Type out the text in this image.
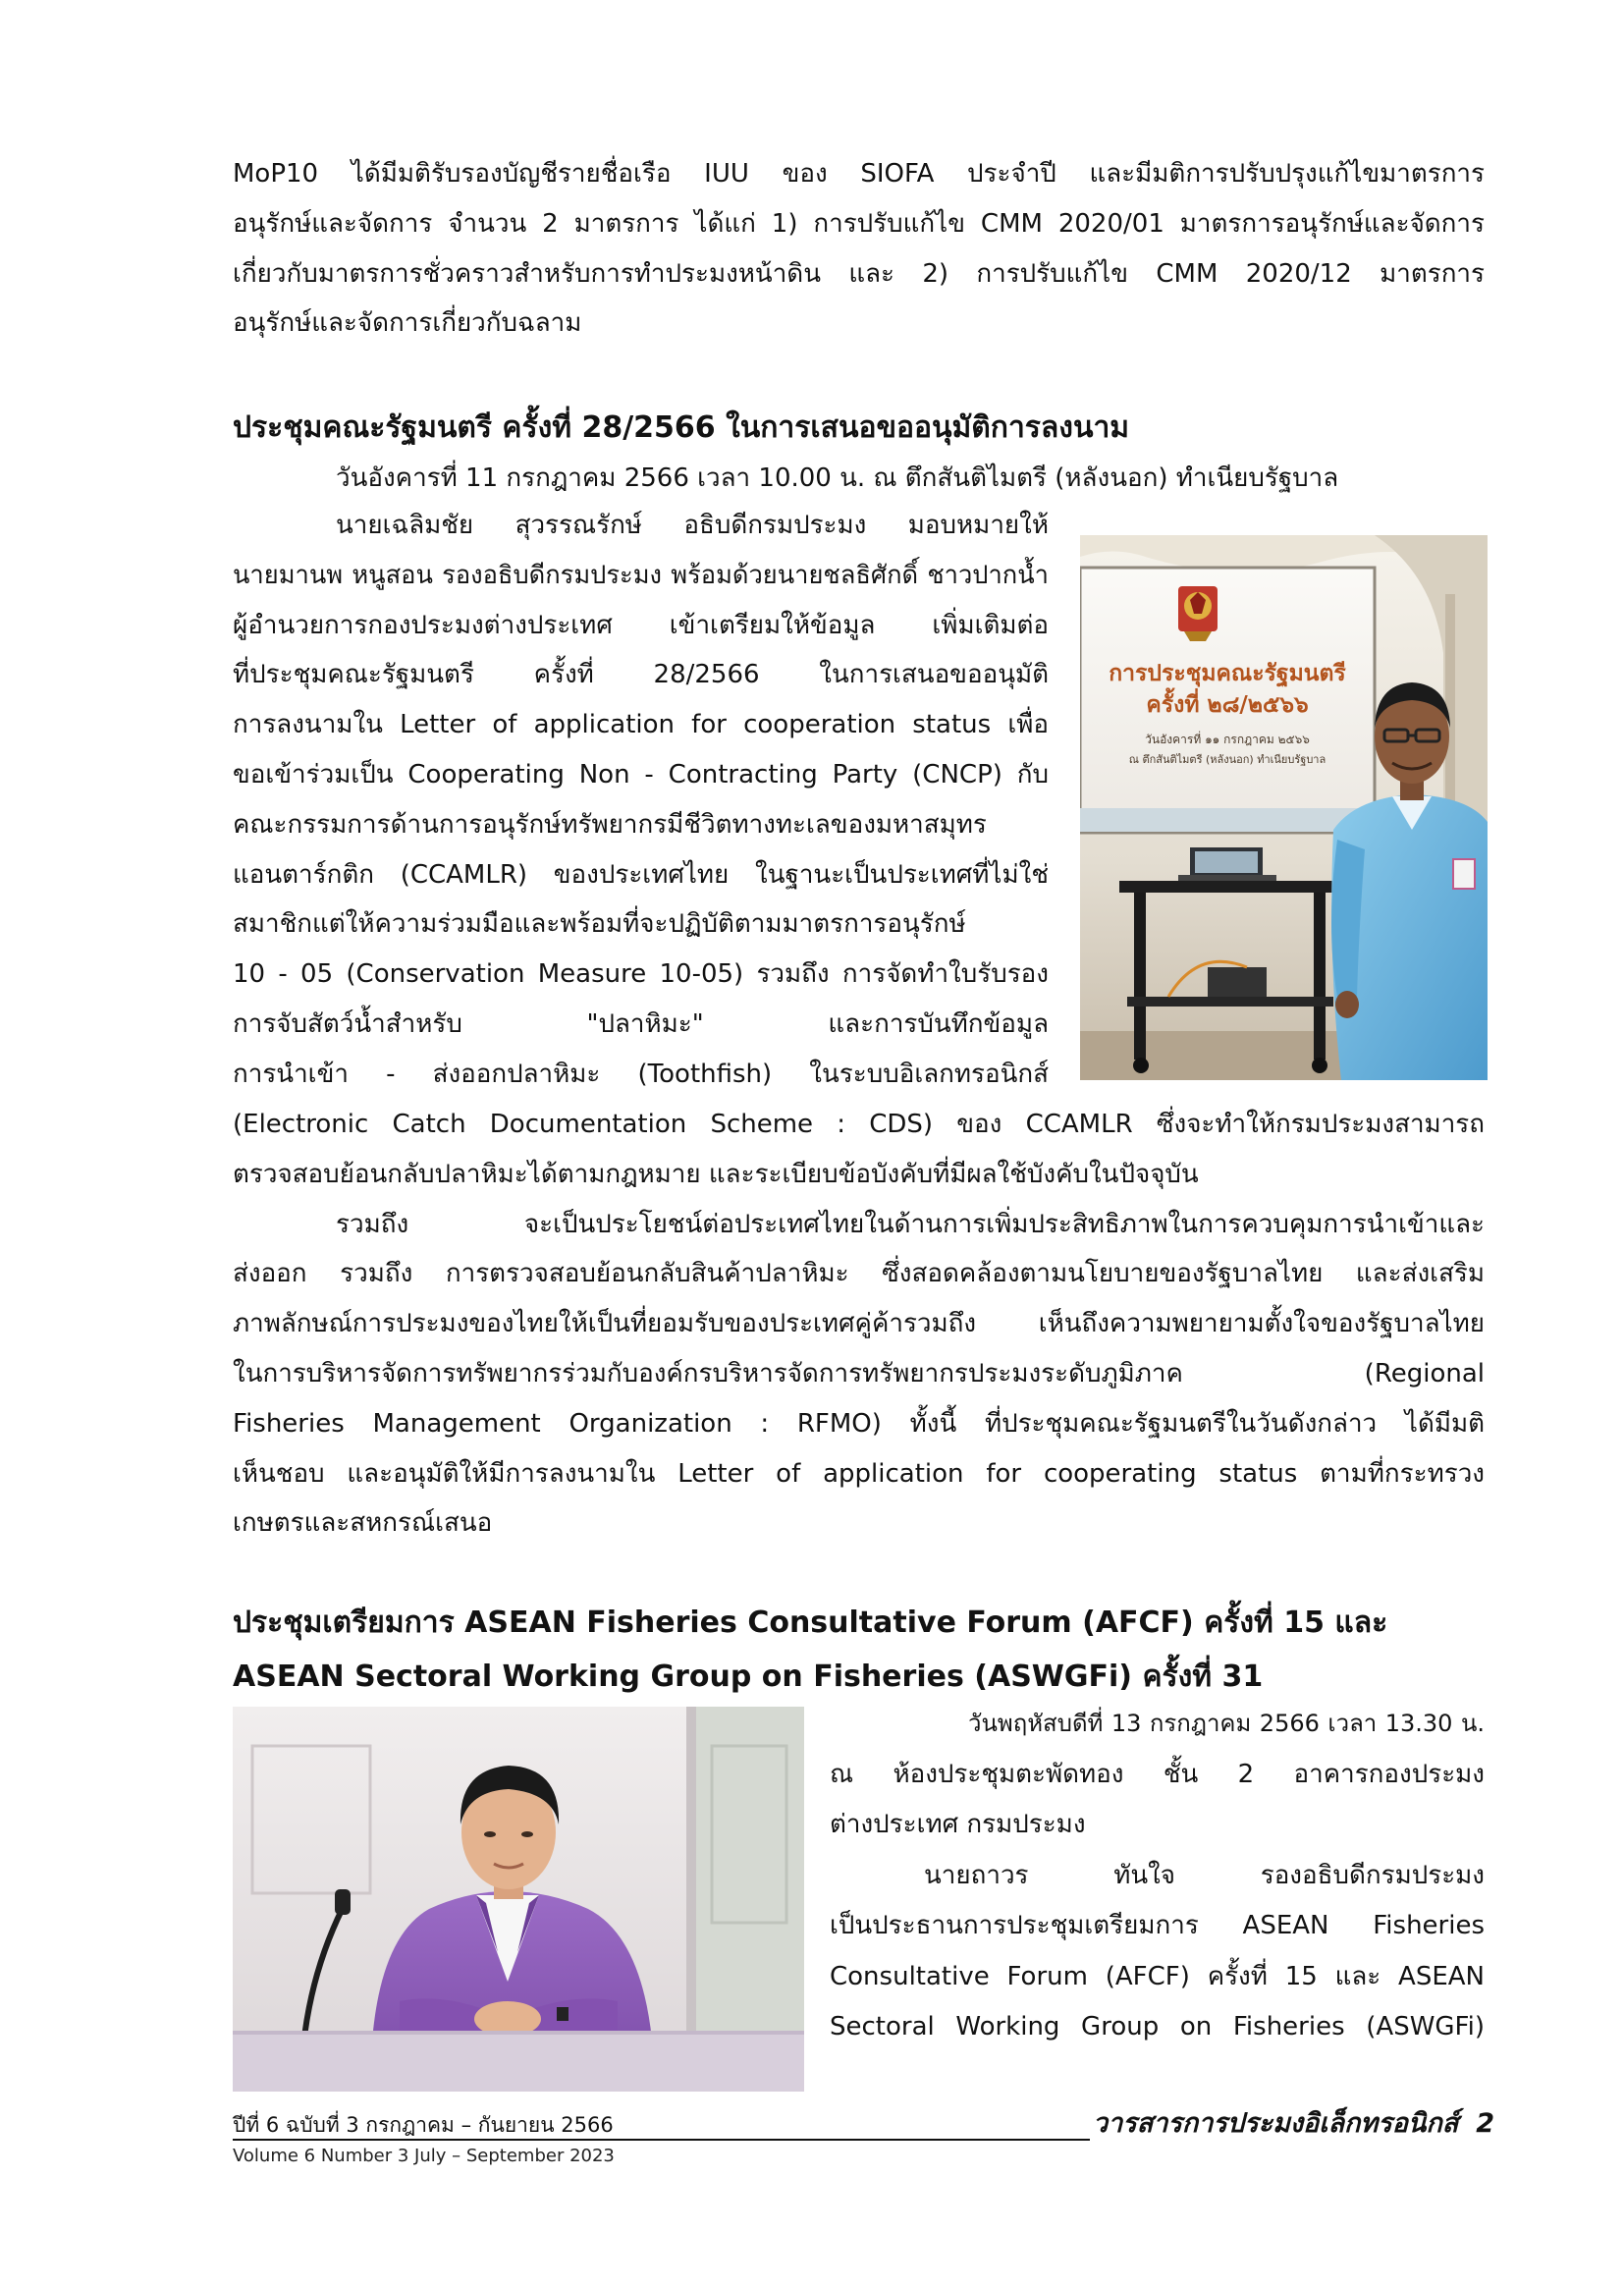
MoP10 ได้มีมติรับรองบัญชีรายชื่อเรือ IUU ของ SIOFA ประจำปี และมีมติการปรับปรุงแก้ไขมาตรการ
อนุรักษ์และจัดการ จำนวน 2 มาตรการ ได้แก่ 1) การปรับแก้ไข CMM 2020/01 มาตรการอนุรักษ์และจัดการ
เกี่ยวกับมาตรการชั่วคราวสำหรับการทำประมงหน้าดิน และ 2) การปรับแก้ไข CMM 2020/12 มาตรการ
อนุรักษ์และจัดการเกี่ยวกับฉลาม
ประชุมคณะรัฐมนตรี ครั้งที่ 28/2566 ในการเสนอขออนุมัติการลงนาม
วันอังคารที่ 11 กรกฎาคม 2566 เวลา 10.00 น. ณ ตึกสันติไมตรี (หลังนอก) ทำเนียบรัฐบาล
นายเฉลิมชัย สุวรรณรักษ์ อธิบดีกรมประมง มอบหมายให้
นายมานพ หนูสอน รองอธิบดีกรมประมง พร้อมด้วยนายชลธิศักดิ์ ชาวปากน้ำ
ผู้อำนวยการกองประมงต่างประเทศ เข้าเตรียมให้ข้อมูล เพิ่มเติมต่อ
ที่ประชุมคณะรัฐมนตรี ครั้งที่ 28/2566 ในการเสนอขออนุมัติ
การลงนามใน Letter of application for cooperation status เพื่อ
ขอเข้าร่วมเป็น Cooperating Non - Contracting Party (CNCP) กับ
คณะกรรมการด้านการอนุรักษ์ทรัพยากรมีชีวิตทางทะเลของมหาสมุทร
แอนตาร์กติก (CCAMLR) ของประเทศไทย ในฐานะเป็นประเทศที่ไม่ใช่
สมาชิกแต่ให้ความร่วมมือและพร้อมที่จะปฏิบัติตามมาตรการอนุรักษ์
10 - 05 (Conservation Measure 10-05) รวมถึง การจัดทำใบรับรอง
การจับสัตว์น้ำสำหรับ "ปลาหิมะ" และการบันทึกข้อมูล
การนำเข้า - ส่งออกปลาหิมะ (Toothfish) ในระบบอิเลกทรอนิกส์
(Electronic Catch Documentation Scheme : CDS) ของ CCAMLR ซึ่งจะทำให้กรมประมงสามารถ
ตรวจสอบย้อนกลับปลาหิมะได้ตามกฎหมาย และระเบียบข้อบังคับที่มีผลใช้บังคับในปัจจุบัน
รวมถึง จะเป็นประโยชน์ต่อประเทศไทยในด้านการเพิ่มประสิทธิภาพในการควบคุมการนำเข้าและ
ส่งออก รวมถึง การตรวจสอบย้อนกลับสินค้าปลาหิมะ ซึ่งสอดคล้องตามนโยบายของรัฐบาลไทย และส่งเสริม
ภาพลักษณ์การประมงของไทยให้เป็นที่ยอมรับของประเทศคู่ค้ารวมถึง เห็นถึงความพยายามตั้งใจของรัฐบาลไทย
ในการบริหารจัดการทรัพยากรร่วมกับองค์กรบริหารจัดการทรัพยากรประมงระดับภูมิภาค (Regional
Fisheries Management Organization : RFMO) ทั้งนี้ ที่ประชุมคณะรัฐมนตรีในวันดังกล่าว ได้มีมติ
เห็นชอบ และอนุมัติให้มีการลงนามใน Letter of application for cooperating status ตามที่กระทรวง
เกษตรและสหกรณ์เสนอ
การประชุมคณะรัฐมนตรี
ครั้งที่ ๒๘/๒๕๖๖
วันอังคารที่ ๑๑ กรกฎาคม ๒๕๖๖
ณ ตึกสันติไมตรี (หลังนอก) ทำเนียบรัฐบาล
ประชุมเตรียมการ ASEAN Fisheries Consultative Forum (AFCF) ครั้งที่ 15 และ
ASEAN Sectoral Working Group on Fisheries (ASWGFi) ครั้งที่ 31
วันพฤหัสบดีที่ 13 กรกฎาคม 2566 เวลา 13.30 น.
ณ ห้องประชุมตะพัดทอง ชั้น 2 อาคารกองประมง
ต่างประเทศ กรมประมง
นายถาวร ทันใจ รองอธิบดีกรมประมง
เป็นประธานการประชุมเตรียมการ ASEAN Fisheries
Consultative Forum (AFCF) ครั้งที่ 15 และ ASEAN
Sectoral Working Group on Fisheries (ASWGFi)
ปีที่ 6 ฉบับที่ 3 กรกฎาคม – กันยายน 2566	วารสารการประมงอิเล็กทรอนิกส์ 2
Volume 6 Number 3 July – September 2023
